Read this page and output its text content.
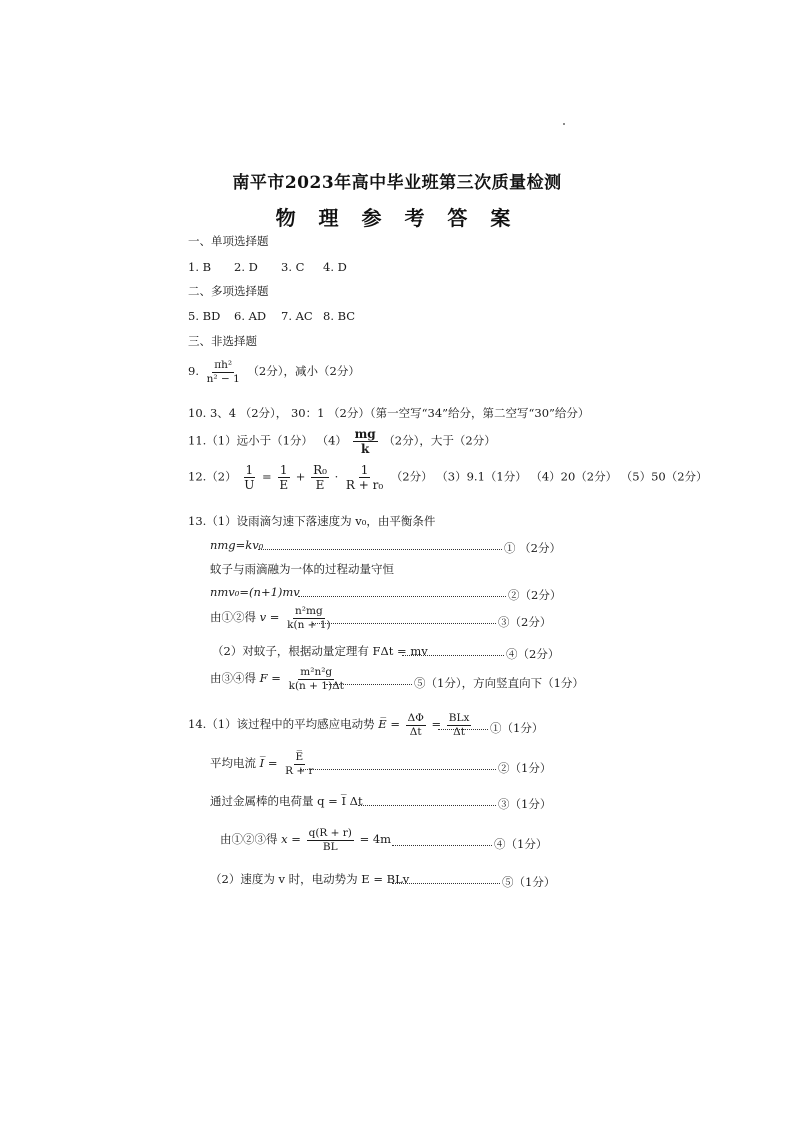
南平市2023年高中毕业班第三次质量检测
物 理 参 考 答 案
一、单项选择题
1. B 2. D 3. C 4. D
二、多项选择题
5. BD 6. AD 7. AC 8. BC
三、非选择题
9. $\frac{\text{πh²}}{\text{n² − 1}} (2$分），减小（2分）
10. 3、4 （2分）， 30：1 （2分）（第一空写“34”给分，第二空写“30”给分）
11.（1）远小于（1分） $(4) \frac{mg}{k} (2$分），大于（2分）
$12.(2) \frac{1}{U} = \frac{1}{E} + \frac{\text{R₀}}{E} \cdot \frac{1}{\text{R + r₀}} (2$分） （3）9.1（1分） （4）20（2分） （5）50（2分）
13.（1）设雨滴匀速下落速度为 v₀，由平衡条件
nmg=kv₀	① （2分）
蚊子与雨滴融为一体的过程动量守恒
nmv₀=(n+1)mv	②（2分）
由①②得 $v = \frac{\text{n²mg}}{k(n + 1)}$	③（2分）
（2）对蚊子，根据动量定理有 FΔt = mv	④（2分）
由③④得 $F = \frac{\text{m²n²g}}{k(n + 1)\Delta t}$	⑤（1分），方向竖直向下（1分）
14.（1）该过程中的平均感应电动势 E̅ = $\frac{\Delta\Phi}{\Delta t} = \frac{\text{BLx}}{\Delta t}$ ①（1分）
平均电流 I̅ = $\frac{E̅}{R + r}$	②（1分）
通过金属棒的电荷量 q = I̅ Δt	③（1分）
由①②③得 $x = \frac{q(R + r)}{BL} = 4m$	④（1分）
（2）速度为 v 时，电动势为 E = BLv	⑤（1分）
